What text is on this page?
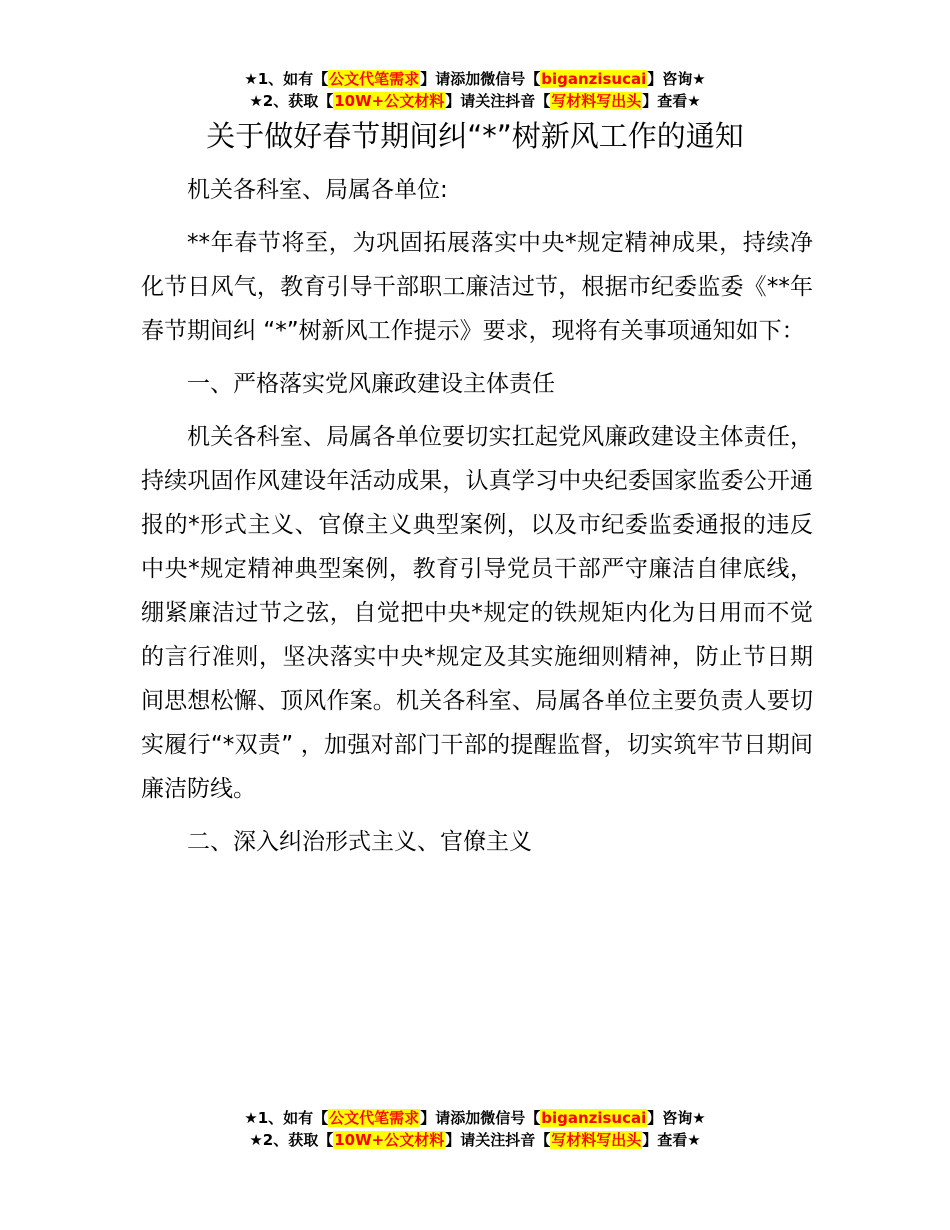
★1、如有【公文代笔需求】请添加微信号【biganzisucai】咨询★
★2、获取【10W+公文材料】请关注抖音【写材料写出头】查看★
关于做好春节期间纠“*”树新风工作的通知

机关各科室、局属各单位:

**年春节将至，为巩固拓展落实中央*规定精神成果，持续净化节日风气，教育引导干部职工廉洁过节，根据市纪委监委《**年春节期间纠 “*”树新风工作提示》要求，现将有关事项通知如下：

一、严格落实党风廉政建设主体责任

机关各科室、局属各单位要切实扛起党风廉政建设主体责任，持续巩固作风建设年活动成果，认真学习中央纪委国家监委公开通报的*形式主义、官僚主义典型案例，以及市纪委监委通报的违反中央*规定精神典型案例，教育引导党员干部严守廉洁自律底线，绷紧廉洁过节之弦，自觉把中央*规定的铁规矩内化为日用而不觉的言行准则，坚决落实中央*规定及其实施细则精神，防止节日期间思想松懈、顶风作案。机关各科室、局属各单位主要负责人要切实履行“*双责” ，加强对部门干部的提醒监督，切实筑牢节日期间廉洁防线。

二、深入纠治形式主义、官僚主义

★1、如有【公文代笔需求】请添加微信号【biganzisucai】咨询★
★2、获取【10W+公文材料】请关注抖音【写材料写出头】查看★
